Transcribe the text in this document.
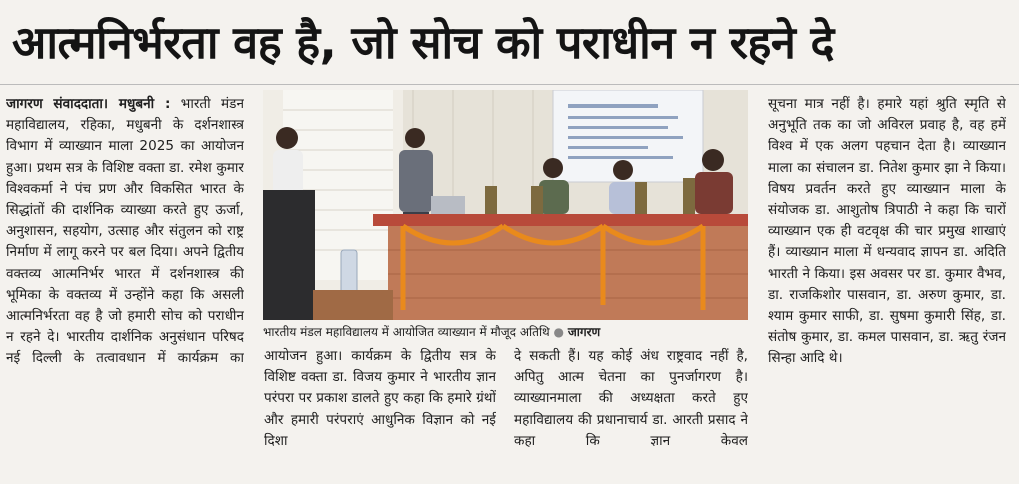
आत्मनिर्भरता वह है, जो सोच को पराधीन न रहने दे

जागरण संवाददाता। मधुबनी : भारती मंडन महाविद्यालय, रहिका, मधुबनी के दर्शनशास्त्र विभाग में व्याख्यान माला 2025 का आयोजन हुआ। प्रथम सत्र के विशिष्ट वक्ता डा. रमेश कुमार विश्वकर्मा ने पंच प्रण और विकसित भारत के सिद्धांतों की दार्शनिक व्याख्या करते हुए ऊर्जा, अनुशासन, सहयोग, उत्साह और संतुलन को राष्ट्र निर्माण में लागू करने पर बल दिया। अपने द्वितीय वक्तव्य आत्मनिर्भर भारत में दर्शनशास्त्र की भूमिका के वक्तव्य में उन्होंने कहा कि असली आत्मनिर्भरता वह है जो हमारी सोच को पराधीन न रहने दे। भारतीय दार्शनिक अनुसंधान परिषद नई दिल्ली के तत्वावधान में कार्यक्रम का

भारतीय मंडल महाविद्यालय में आयोजित व्याख्यान में मौजूद अतिथि ● जागरण

आयोजन हुआ। कार्यक्रम के द्वितीय सत्र के विशिष्ट वक्ता डा. विजय कुमार ने भारतीय ज्ञान परंपरा पर प्रकाश डालते हुए कहा कि हमारे ग्रंथों और हमारी परंपराएं आधुनिक विज्ञान को नई दिशा

दे सकती हैं। यह कोई अंध राष्ट्रवाद नहीं है, अपितु आत्म चेतना का पुनर्जागरण है। व्याख्यानमाला की अध्यक्षता करते हुए महाविद्यालय की प्रधानाचार्य डा. आरती प्रसाद ने कहा कि ज्ञान केवल

सूचना मात्र नहीं है। हमारे यहां श्रुति स्मृति से अनुभूति तक का जो अविरल प्रवाह है, वह हमें विश्व में एक अलग पहचान देता है। व्याख्यान माला का संचालन डा. नितेश कुमार झा ने किया। विषय प्रवर्तन करते हुए व्याख्यान माला के संयोजक डा. आशुतोष त्रिपाठी ने कहा कि चारों व्याख्यान एक ही वटवृक्ष की चार प्रमुख शाखाएं हैं। व्याख्यान माला में धन्यवाद ज्ञापन डा. अदिति भारती ने किया। इस अवसर पर डा. कुमार वैभव, डा. राजकिशोर पासवान, डा. अरुण कुमार, डा. श्याम कुमार साफी, डा. सुषमा कुमारी सिंह, डा. संतोष कुमार, डा. कमल पासवान, डा. ऋतु रंजन सिन्हा आदि थे।
